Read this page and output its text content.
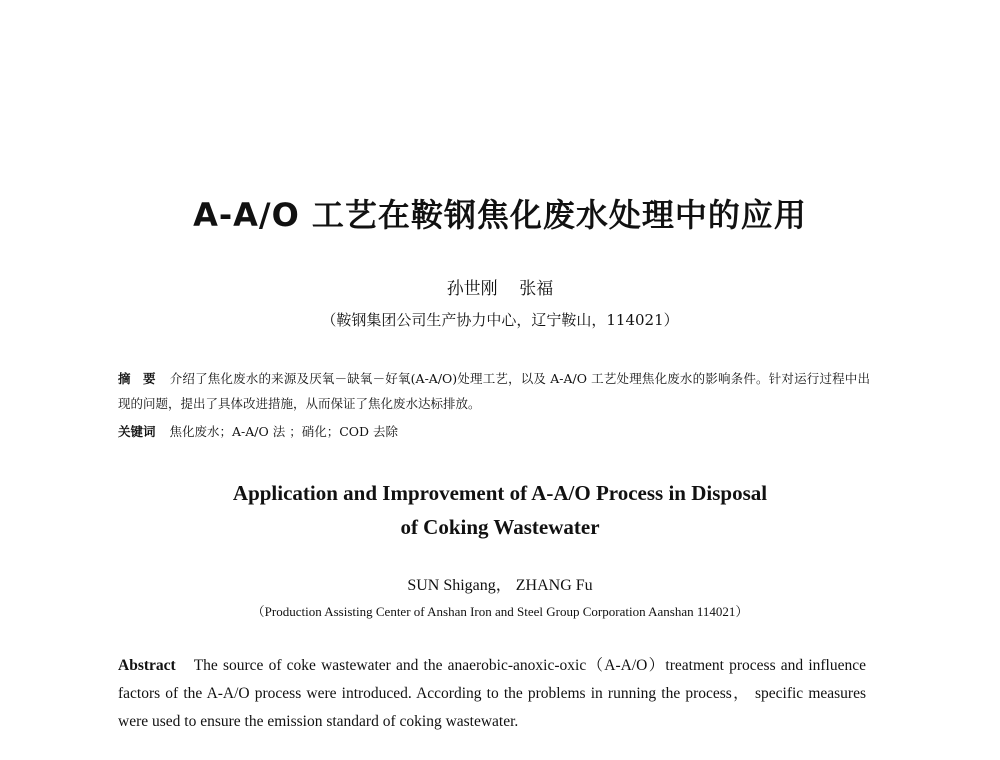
A-A/O 工艺在鞍钢焦化废水处理中的应用
孙世刚    张福
（鞍钢集团公司生产协力中心，辽宁鞍山，114021）
摘　要 介绍了焦化废水的来源及厌氧－缺氧－好氧(A-A/O)处理工艺，以及 A-A/O 工艺处理焦化废水的影响条件。针对运行过程中出现的问题，提出了具体改进措施，从而保证了焦化废水达标排放。
关键词 焦化废水；A-A/O 法 ；硝化；COD 去除
Application and Improvement of A-A/O Process in Disposal
of Coking Wastewater
SUN Shigang， ZHANG Fu
（Production Assisting Center of Anshan Iron and Steel Group Corporation Aanshan 114021）
Abstract The source of coke wastewater and the anaerobic-anoxic-oxic（A-A/O）treatment process and influence factors of the A-A/O process were introduced. According to the problems in running the process， specific measures were used to ensure the emission standard of coking wastewater.
